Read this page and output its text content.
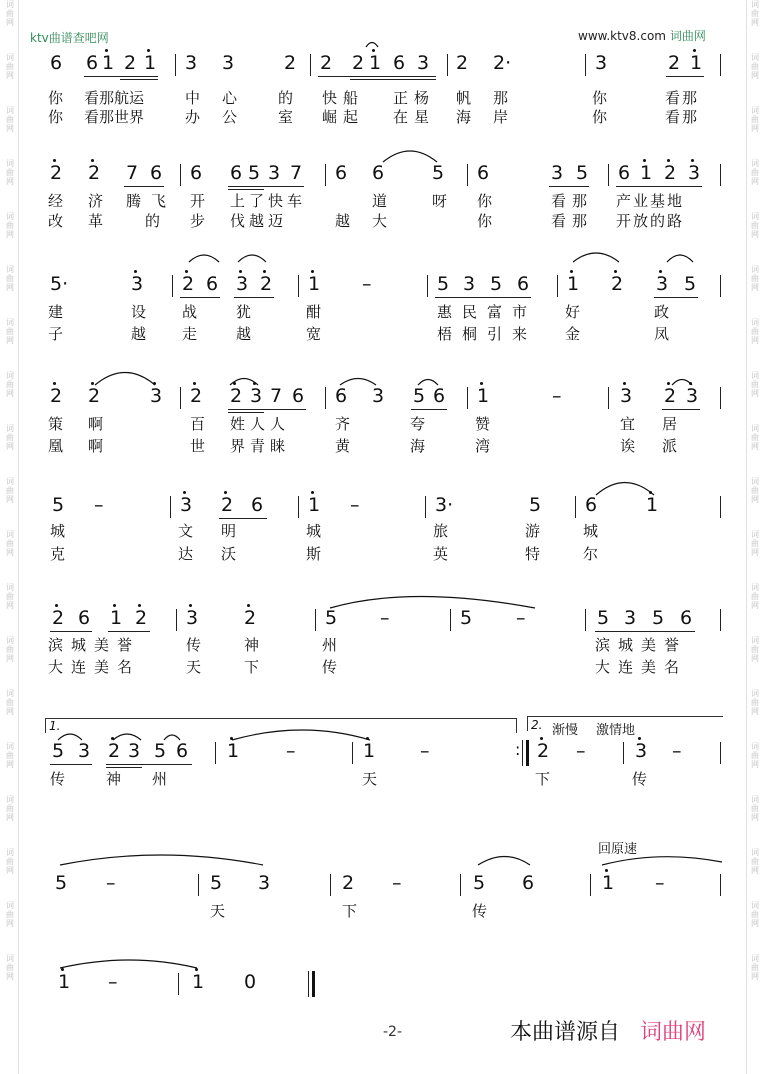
词曲网
词曲网
词曲网
词曲网
词曲网
词曲网
词曲网
词曲网
词曲网
词曲网
词曲网
词曲网
词曲网
词曲网
词曲网
词曲网
词曲网
词曲网
词曲网
词曲网
词曲网
词曲网
词曲网
词曲网
词曲网
词曲网
词曲网
词曲网
词曲网
词曲网
词曲网
词曲网
词曲网
词曲网
词曲网
词曲网
词曲网
词曲网
ktv曲谱查吧网	www.ktv8.com 词曲网
6 6 1 2 1 3 3	2 2 2 1 6 3 2 2·	3	2 1
你 看那航运	中 心	的 快船 正杨 帆 那	你	看那
你 看那世界	办 公	室 崛起 在星 海 岸	你	看那
2 2 7 6 6 6 5 3 7 6 6	5 6	3 5 6 1 2 3
经 济 腾飞 开 上了快车	道	呀 你	看那 产业基地
改 革	的 步 伐越迈	越 大	你	看那 开放的路
5·	3 2 6 3 2 1 –	5 3 5 6 1 2 3 5
建	设 战	犹	酣	惠民富市 好	政
子	越 走	越	宽	梧桐引来 金	凤
2 2	3 2 2 3 7 6 6 3 5 6 1	–	3 2 3
策 啊	百 姓人人	齐	夸	赞	宜 居
凰 啊	世 界青睐	黄	海	湾	诶 派
5 –	3 2 6 1 –	3·	5 6	1
城	文 明	城	旅	游	城
克	达 沃	斯	英	特	尔
2 6 1 2 3 2	5 –	5 –	5 3 5 6
滨城美誉	传	神	州	滨城美誉
大连美名	天	下	传	大连美名
1.	2. 渐慢 激情地
5 3 2 3 5 6 1 –	1 –	: 2 –	3 –
传	神 州	天	下	传
回原速
5 –	5 3	2 –	5 6	1 –
天	下	传
1 –	1 0
-2-	本曲谱源自 词曲网
